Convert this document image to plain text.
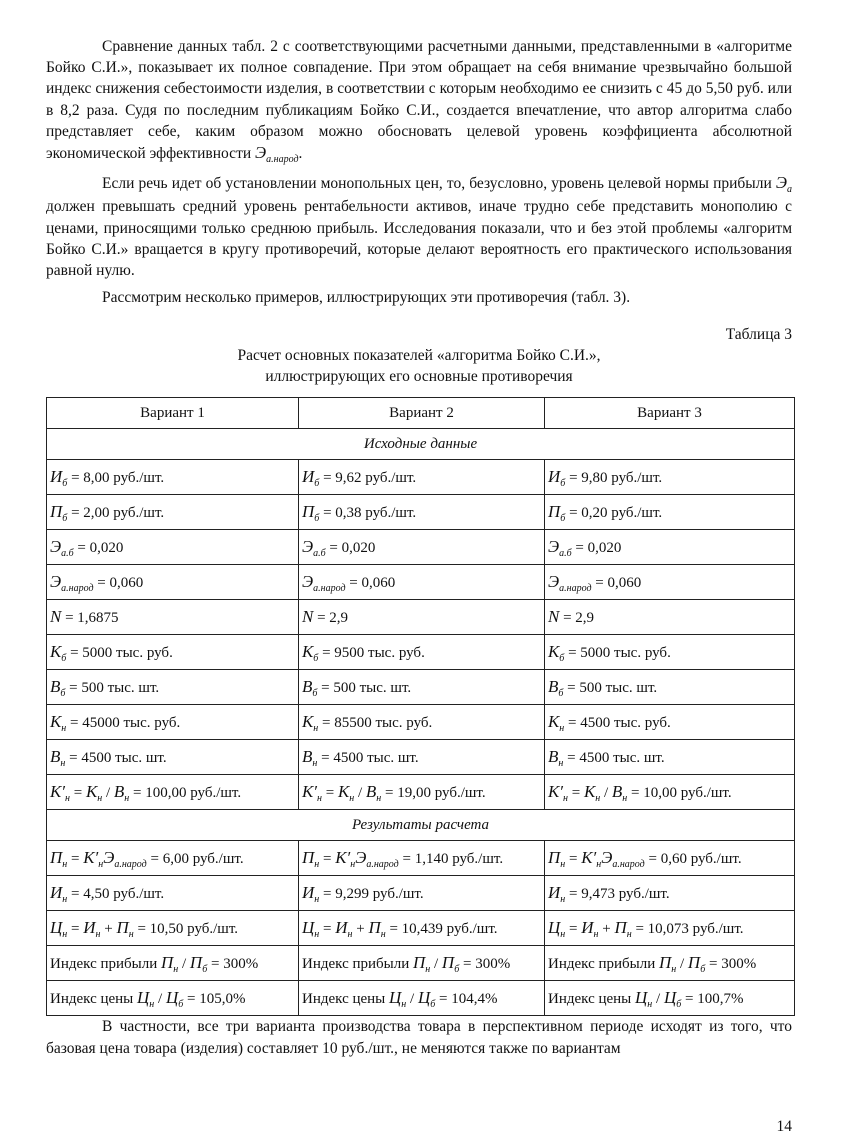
Сравнение данных табл. 2 с соответствующими расчетными данными, представленными в «алгоритме Бойко С.И.», показывает их полное совпадение. При этом обращает на себя внимание чрезвычайно большой индекс снижения себестоимости изделия, в соответствии с которым необходимо ее снизить с 45 до 5,50 руб. или в 8,2 раза. Судя по последним публикациям Бойко С.И., создается впечатление, что автор алгоритма слабо представляет себе, каким образом можно обосновать целевой уровень коэффициента абсолютной экономической эффективности $Э_{а.народ}$.

Если речь идет об установлении монопольных цен, то, безусловно, уровень целевой нормы прибыли $Э_а$ должен превышать средний уровень рентабельности активов, иначе трудно себе представить монополию с ценами, приносящими только среднюю прибыль. Исследования показали, что и без этой проблемы «алгоритм Бойко С.И.» вращается в кругу противоречий, которые делают вероятность его практического использования равной нулю.

Рассмотрим несколько примеров, иллюстрирующих эти противоречия (табл. 3).

Таблица 3
Расчет основных показателей «алгоритма Бойко С.И.»,
иллюстрирующих его основные противоречия
Вариант 1	Вариант 2	Вариант 3
Исходные данные		
$И_б = 8,00$ руб./шт.	$И_б = 9,62$ руб./шт.	$И_б = 9,80$ руб./шт.
$П_б = 2,00$ руб./шт.	$П_б = 0,38$ руб./шт.	$П_б = 0,20$ руб./шт.
$Э_{а.б} = 0,020$	$Э_{а.б} = 0,020$	$Э_{а.б} = 0,020$
$Э_{а.народ} = 0,060$	$Э_{а.народ} = 0,060$	$Э_{а.народ} = 0,060$
N = 1,6875	N = 2,9	N = 2,9
$К_б = 5000$ тыс. руб.	$К_б = 9500$ тыс. руб.	$К_б = 5000$ тыс. руб.
$В_б = 500$ тыс. шт.	$В_б = 500$ тыс. шт.	$В_б = 500$ тыс. шт.
$К_н = 45000$ тыс. руб.	$К_н = 85500$ тыс. руб.	$К_н = 4500$ тыс. руб.
$В_н = 4500$ тыс. шт.	$В_н = 4500$ тыс. шт.	$В_н = 4500$ тыс. шт.
$К'_н = К_н / В_н = 100,00$ руб./шт.	$К'_н = К_н / В_н = 19,00$ руб./шт.	$К'_н = К_н / В_н = 10,00$ руб./шт.
Результаты расчета		
$П_н = К'_нЭ_{а.народ} = 6,00$ руб./шт.	$П_н = К'_нЭ_{а.народ} = 1,140$ руб./шт.	$П_н = К'_нЭ_{а.народ} = 0,60$ руб./шт.
$И_н = 4,50$ руб./шт.	$И_н = 9,299$ руб./шт.	$И_н = 9,473$ руб./шт.
$Ц_н = И_н + П_н = 10,50$ руб./шт.	$Ц_н = И_н + П_н = 10,439$ руб./шт.	$Ц_н = И_н + П_н = 10,073$ руб./шт.
Индекс прибыли $П_н / П_б = 300\%$	Индекс прибыли $П_н / П_б = 300\%$	Индекс прибыли $П_н / П_б = 300\%$
Индекс цены $Ц_н / Ц_б = 105,0\%$	Индекс цены $Ц_н / Ц_б = 104,4\%$	Индекс цены $Ц_н / Ц_б = 100,7\%$

В частности, все три варианта производства товара в перспективном периоде исходят из того, что базовая цена товара (изделия) составляет 10 руб./шт., не меняются также по вариантам

14
